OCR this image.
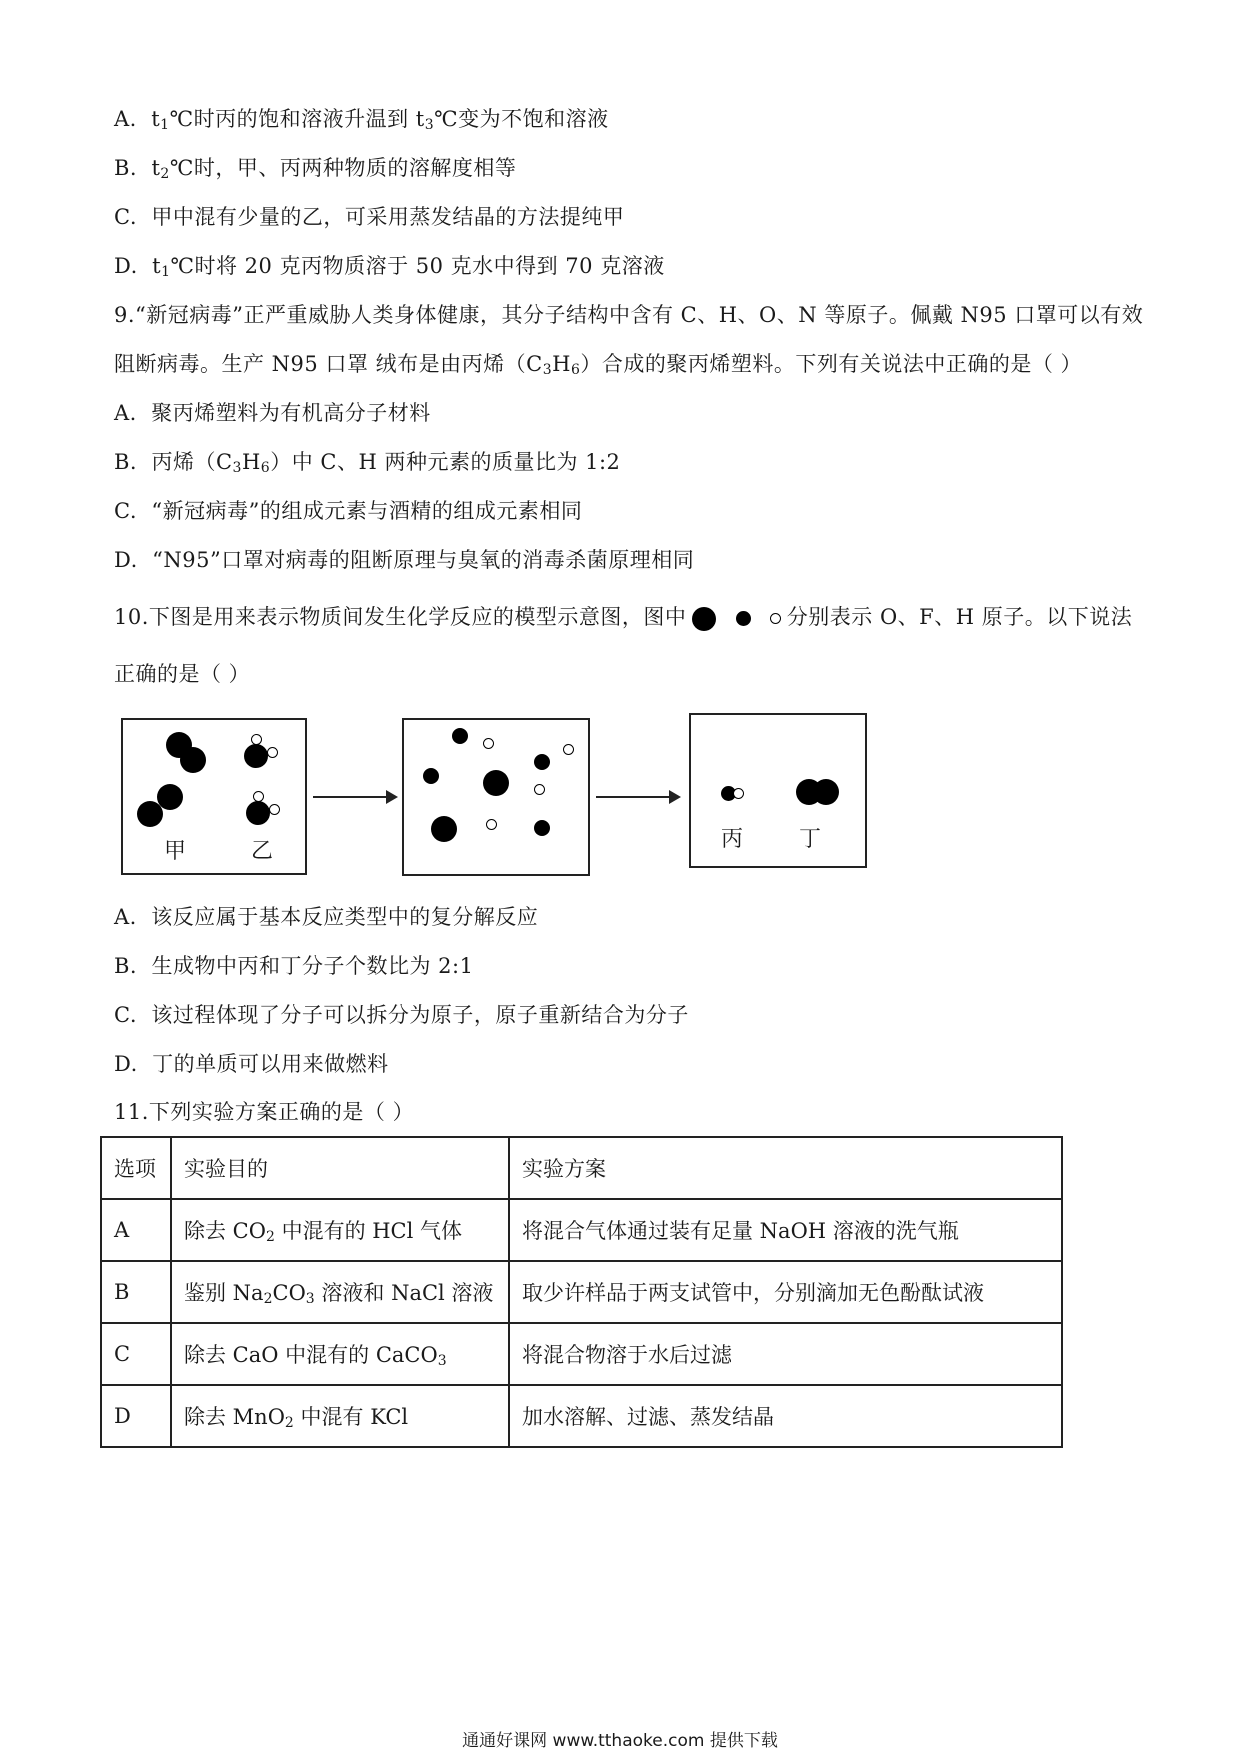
A. $t_1℃$时丙的饱和溶液升温到 $t_3℃$变为不饱和溶液
B. $t_2℃$时，甲、丙两种物质的溶解度相等
C. 甲中混有少量的乙，可采用蒸发结晶的方法提纯甲
D. $t_1℃$时将 20 克丙物质溶于 50 克水中得到 70 克溶液
9.“新冠病毒”正严重威胁人类身体健康，其分子结构中含有 C、H、O、N 等原子。佩戴 N95 口罩可以有效
阻断病毒。生产 N95 口罩 绒布是由丙烯$(C_3H_6)$合成的聚丙烯塑料。下列有关说法中正确的是（ ）
A. 聚丙烯塑料为有机高分子材料
B. 丙烯$(C_3H_6)$中 C、H 两种元素的质量比为 1:2
C. “新冠病毒”的组成元素与酒精的组成元素相同
D. “N95”口罩对病毒的阻断原理与臭氧的消毒杀菌原理相同
10.下图是用来表示物质间发生化学反应的模型示意图，图中	分别表示 O、F、H 原子。以下说法
正确的是（ ）
甲	乙	丙	丁
A. 该反应属于基本反应类型中的复分解反应
B. 生成物中丙和丁分子个数比为 2:1
C. 该过程体现了分子可以拆分为原子，原子重新结合为分子
D. 丁的单质可以用来做燃料
11.下列实验方案正确的是（ ）
选项	实验目的	实验方案
A	除去 $CO_2$ 中混有的 HCl 气体	将混合气体通过装有足量 NaOH 溶液的洗气瓶
B	鉴别 $Na_2CO_3$ 溶液和 NaCl 溶液	取少许样品于两支试管中，分别滴加无色酚酞试液
C	除去 CaO 中混有的 CaCO$_3$	将混合物溶于水后过滤
D	除去 MnO$_2$ 中混有 KCl	加水溶解、过滤、蒸发结晶
通通好课网 www.tthaoke.com 提供下载
